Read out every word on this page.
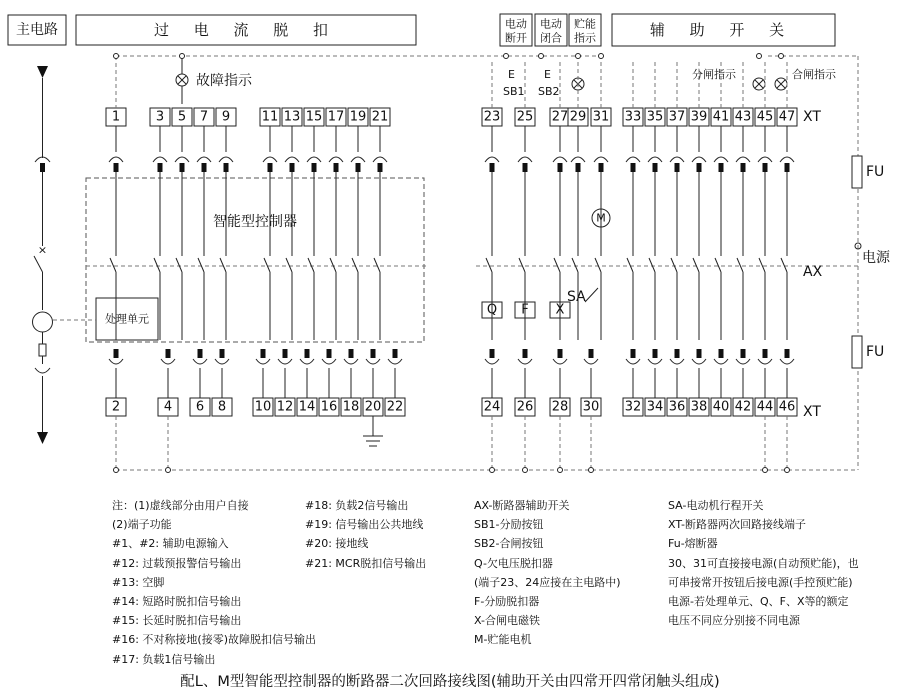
主电路	过 电 流 脱 扣	电动
断开
电动
闭合
贮能
指示	辅 助 开 关
×
智能型控制器
处理单元
故障指示	E
SB1
E
SB2
分闸指示	合闸指示
XT
XT
AX
FU
FU
电源
Q F X
M
SA
1	3 5 7 9 11 13 15 17 19 21	23 25 27 29 31 33 35 37 39 41 43 45 47
2	4 6 8 10 12 14 16 18 20 22	24 26 28 30 32 34 36 38 40 42 44 46
注：(1)虚线部分由用户自接
(2)端子功能
#1、#2: 辅助电源输入
#12: 过载预报警信号输出
#13: 空脚
#14: 短路时脱扣信号输出
#15: 长延时脱扣信号输出
#16: 不对称接地(接零)故障脱扣信号输出
#17: 负载1信号输出
#18: 负载2信号输出
#19: 信号输出公共地线
#20: 接地线
#21: MCR脱扣信号输出
AX-断路器辅助开关
SB1-分励按钮
SB2-合闸按钮
Q-欠电压脱扣器
(端子23、24应接在主电路中)
F-分励脱扣器
X-合闸电磁铁
M-贮能电机
SA-电动机行程开关
XT-断路器两次回路接线端子
Fu-熔断器
30、31可直接接电源(自动预贮能)，也
可串接常开按钮后接电源(手控预贮能)
电源-若处理单元、Q、F、X等的额定
电压不同应分别接不同电源
配L、M型智能型控制器的断路器二次回路接线图(辅助开关由四常开四常闭触头组成)
